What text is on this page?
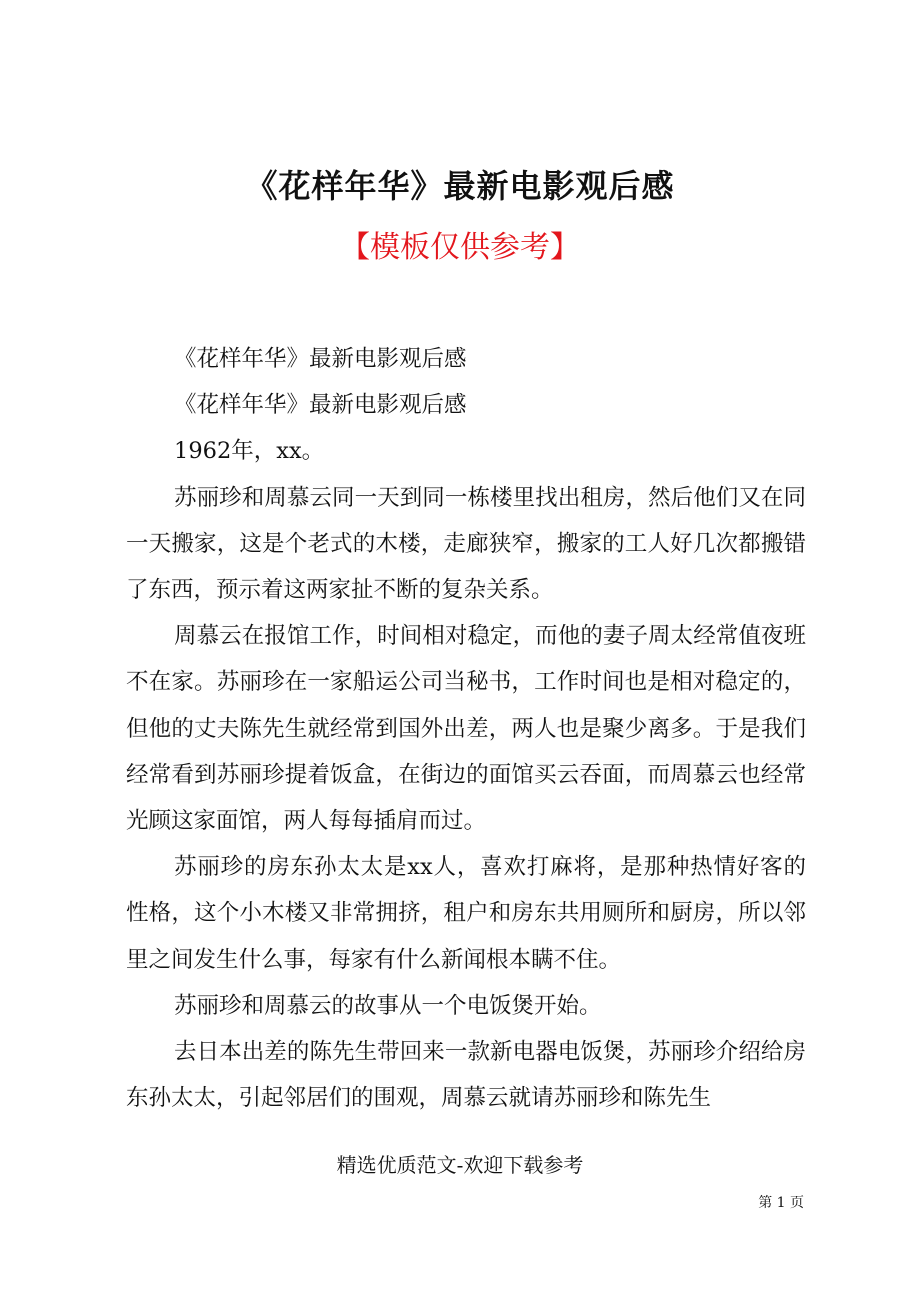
《花样年华》最新电影观后感
【模板仅供参考】

《花样年华》最新电影观后感

《花样年华》最新电影观后感

1962年，xx。

苏丽珍和周慕云同一天到同一栋楼里找出租房，然后他们又在同一天搬家，这是个老式的木楼，走廊狭窄，搬家的工人好几次都搬错了东西，预示着这两家扯不断的复杂关系。

周慕云在报馆工作，时间相对稳定，而他的妻子周太经常值夜班不在家。苏丽珍在一家船运公司当秘书，工作时间也是相对稳定的，但他的丈夫陈先生就经常到国外出差，两人也是聚少离多。于是我们经常看到苏丽珍提着饭盒，在街边的面馆买云吞面，而周慕云也经常光顾这家面馆，两人每每插肩而过。

苏丽珍的房东孙太太是xx人，喜欢打麻将，是那种热情好客的性格，这个小木楼又非常拥挤，租户和房东共用厕所和厨房，所以邻里之间发生什么事，每家有什么新闻根本瞒不住。

苏丽珍和周慕云的故事从一个电饭煲开始。

去日本出差的陈先生带回来一款新电器电饭煲，苏丽珍介绍给房东孙太太，引起邻居们的围观，周慕云就请苏丽珍和陈先生

精选优质范文-欢迎下载参考
第 1 页
